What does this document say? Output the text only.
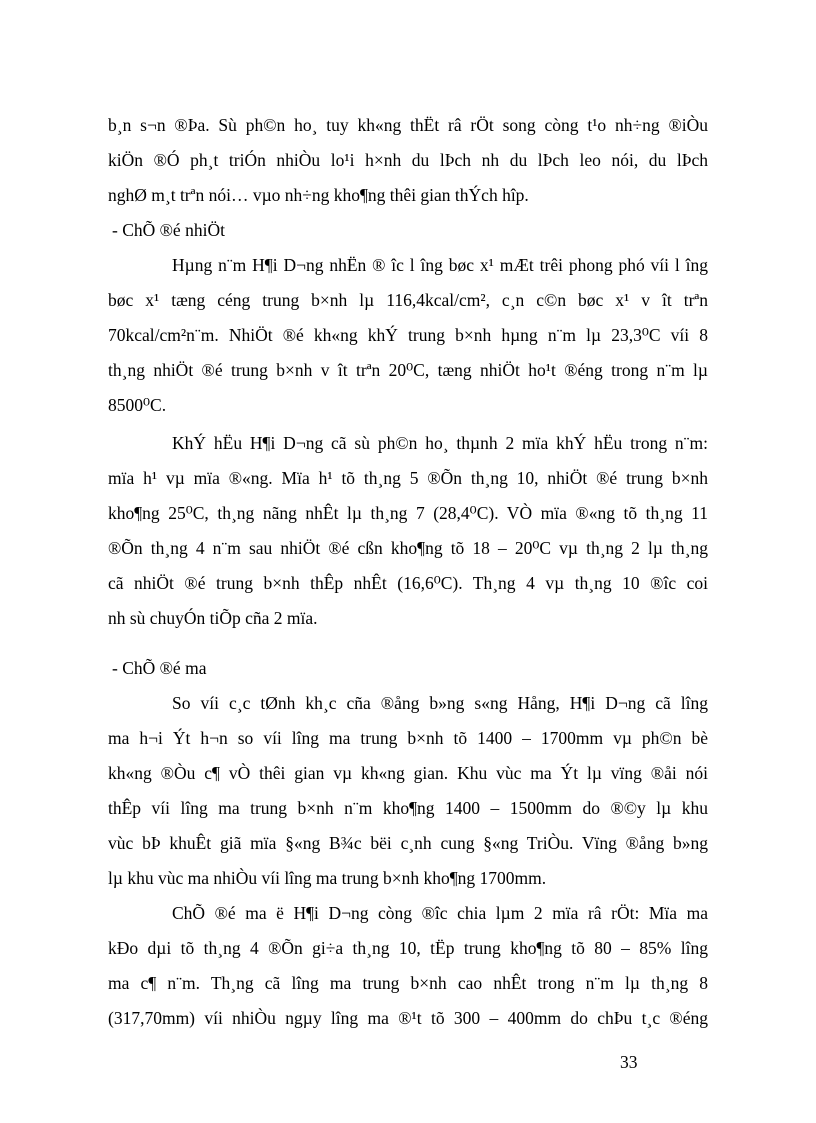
b¸n s¬n ®Þa. Sù ph©n ho¸ tuy kh«ng thËt râ rÖt song còng t¹o nh÷ng ®iÒu
kiÖn ®Ó ph¸t triÓn nhiÒu lo¹i h×nh du lÞch nh du lÞch leo nói, du lÞch
nghØ m¸t trªn nói… vµo nh÷ng kho¶ng thêi gian thÝch hîp.
- ChÕ ®é nhiÖt
Hµng n¨m H¶i D¬ng nhËn ® îc l îng bøc x¹ mÆt trêi phong phó víi l îng
bøc x¹ tæng céng trung b×nh lµ 116,4kcal/cm², c¸n c©n bøc x¹ v ît trªn
70kcal/cm²n¨m. NhiÖt ®é kh«ng khÝ trung b×nh hµng n¨m lµ 23,3⁰C víi 8
th¸ng nhiÖt ®é trung b×nh v ît trªn 20⁰C, tæng nhiÖt ho¹t ®éng trong n¨m lµ
8500⁰C.
KhÝ hËu H¶i D¬ng cã sù ph©n ho¸ thµnh 2 mïa khÝ hËu trong n¨m:
mïa h¹ vµ mïa ®«ng. Mïa h¹ tõ th¸ng 5 ®Õn th¸ng 10, nhiÖt ®é trung b×nh
kho¶ng 25⁰C, th¸ng nãng nhÊt lµ th¸ng 7 (28,4⁰C). VÒ mïa ®«ng tõ th¸ng 11
®Õn th¸ng 4 n¨m sau nhiÖt ®é cßn kho¶ng tõ 18 – 20⁰C vµ th¸ng 2 lµ th¸ng
cã nhiÖt ®é trung b×nh thÊp nhÊt (16,6⁰C). Th¸ng 4 vµ th¸ng 10 ®îc coi
nh sù chuyÓn tiÕp cña 2 mïa.
- ChÕ ®é ma
So víi c¸c tØnh kh¸c cña ®ång b»ng s«ng Hång, H¶i D¬ng cã lîng
ma h¬i Ýt h¬n so víi lîng ma trung b×nh tõ 1400 – 1700mm vµ ph©n bè
kh«ng ®Òu c¶ vÒ thêi gian vµ kh«ng gian. Khu vùc ma Ýt lµ vïng ®åi nói
thÊp víi lîng ma trung b×nh n¨m kho¶ng 1400 – 1500mm do ®©y lµ khu
vùc bÞ khuÊt giã mïa §«ng B¾c bëi c¸nh cung §«ng TriÒu. Vïng ®ång b»ng
lµ khu vùc ma nhiÒu víi lîng ma trung b×nh kho¶ng 1700mm.
ChÕ ®é ma ë H¶i D¬ng còng ®îc chia lµm 2 mïa râ rÖt: Mïa ma
kÐo dµi tõ th¸ng 4 ®Õn gi÷a th¸ng 10, tËp trung kho¶ng tõ 80 – 85% lîng
ma c¶ n¨m. Th¸ng cã lîng ma trung b×nh cao nhÊt trong n¨m lµ th¸ng 8
(317,70mm) víi nhiÒu ngµy lîng ma ®¹t tõ 300 – 400mm do chÞu t¸c ®éng
33
